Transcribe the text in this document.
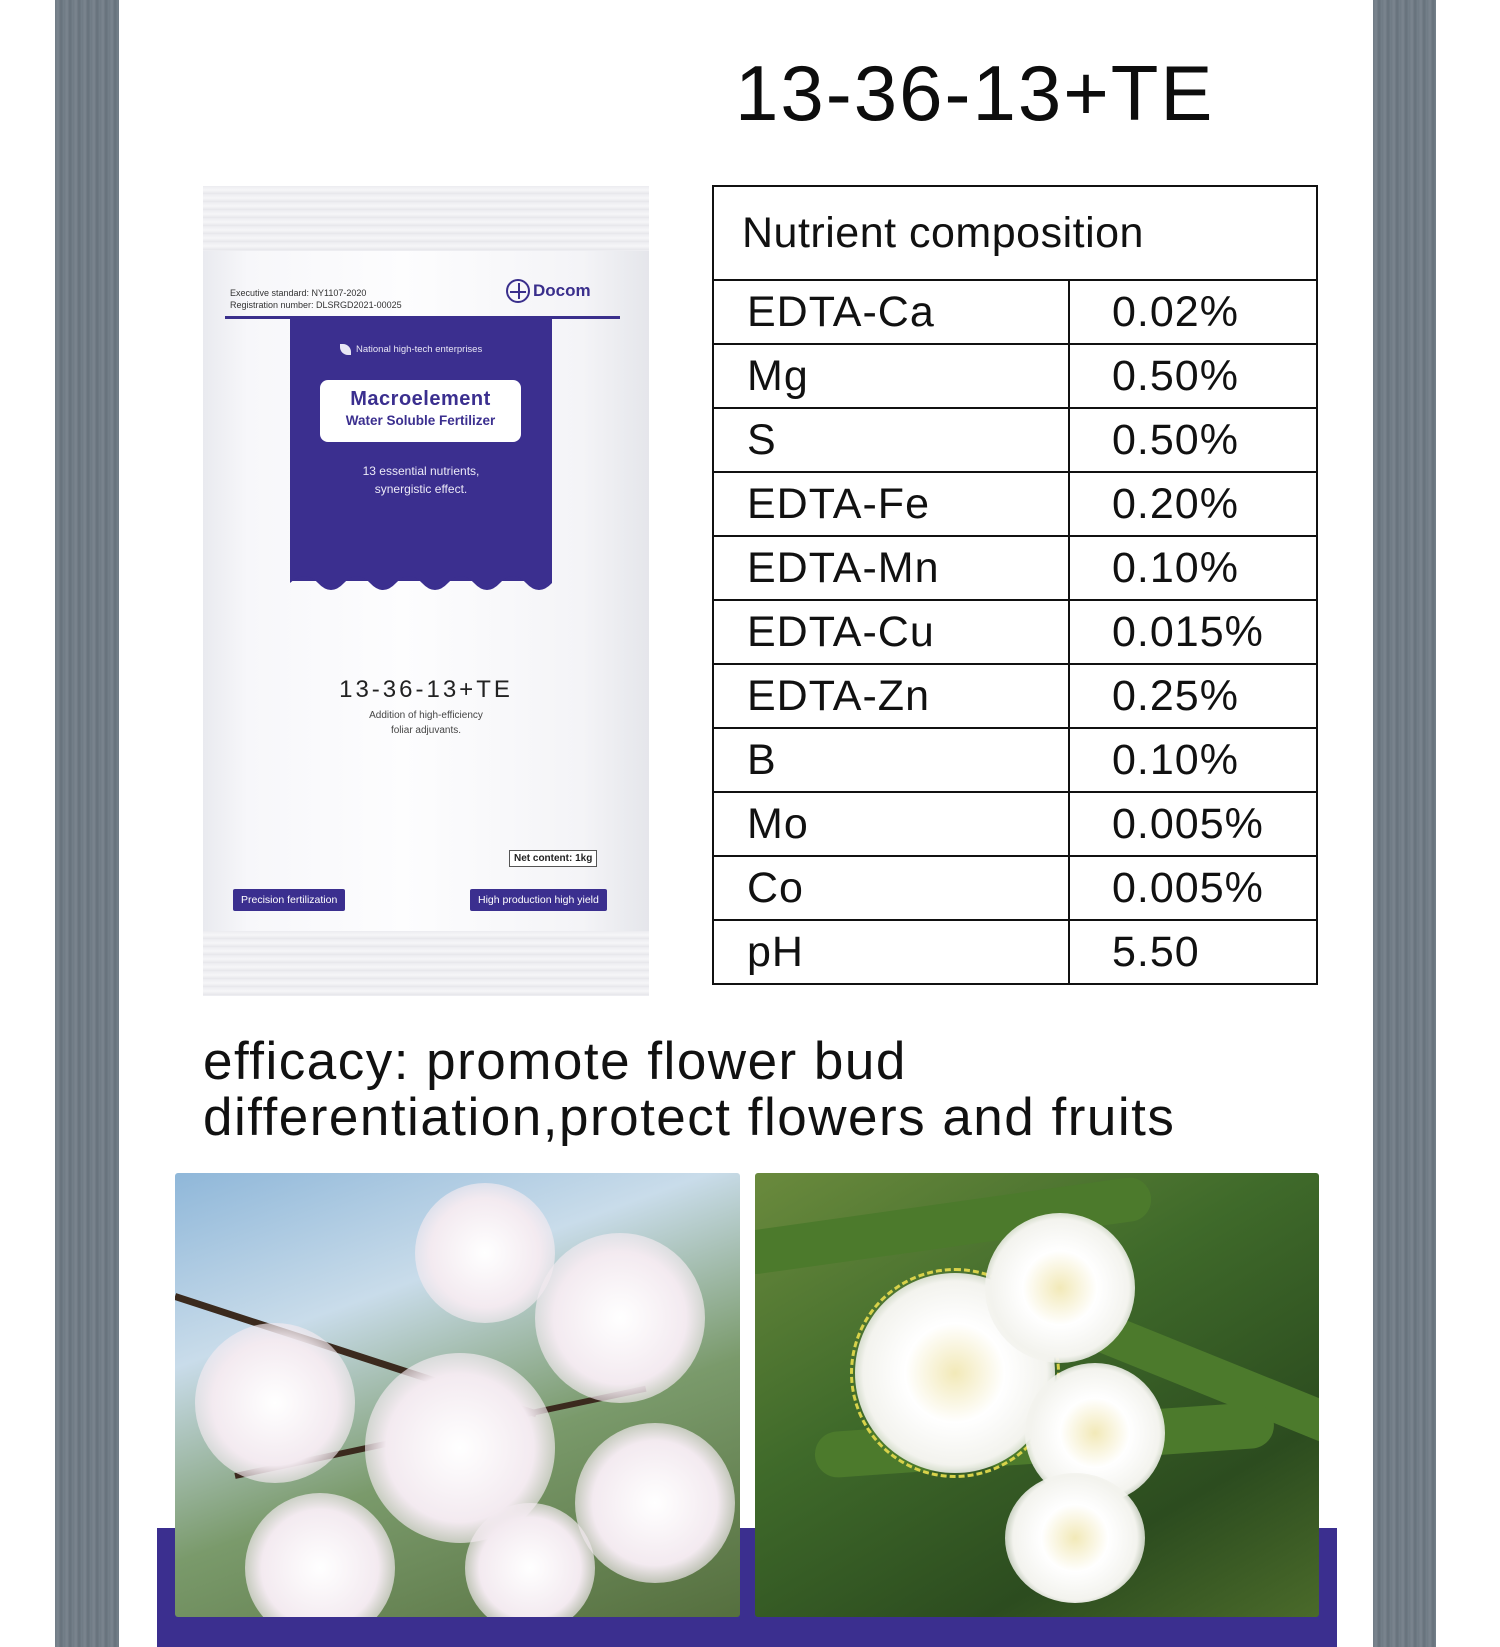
13-36-13+TE
Executive standard: NY1107-2020
Registration number: DLSRGD2021-00025
Docom
National high-tech enterprises
Macroelement
Water Soluble Fertilizer
13 essential nutrients,
synergistic effect.
13-36-13+TE
Addition of high-efficiency
foliar adjuvants.
Net content: 1kg
Precision fertilization	High production high yield
Nutrient composition	
EDTA-Ca	0.02%
Mg	0.50%
S	0.50%
EDTA-Fe	0.20%
EDTA-Mn	0.10%
EDTA-Cu	0.015%
EDTA-Zn	0.25%
B	0.10%
Mo	0.005%
Co	0.005%
pH	5.50
efficacy: promote flower bud
differentiation,protect flowers and fruits
